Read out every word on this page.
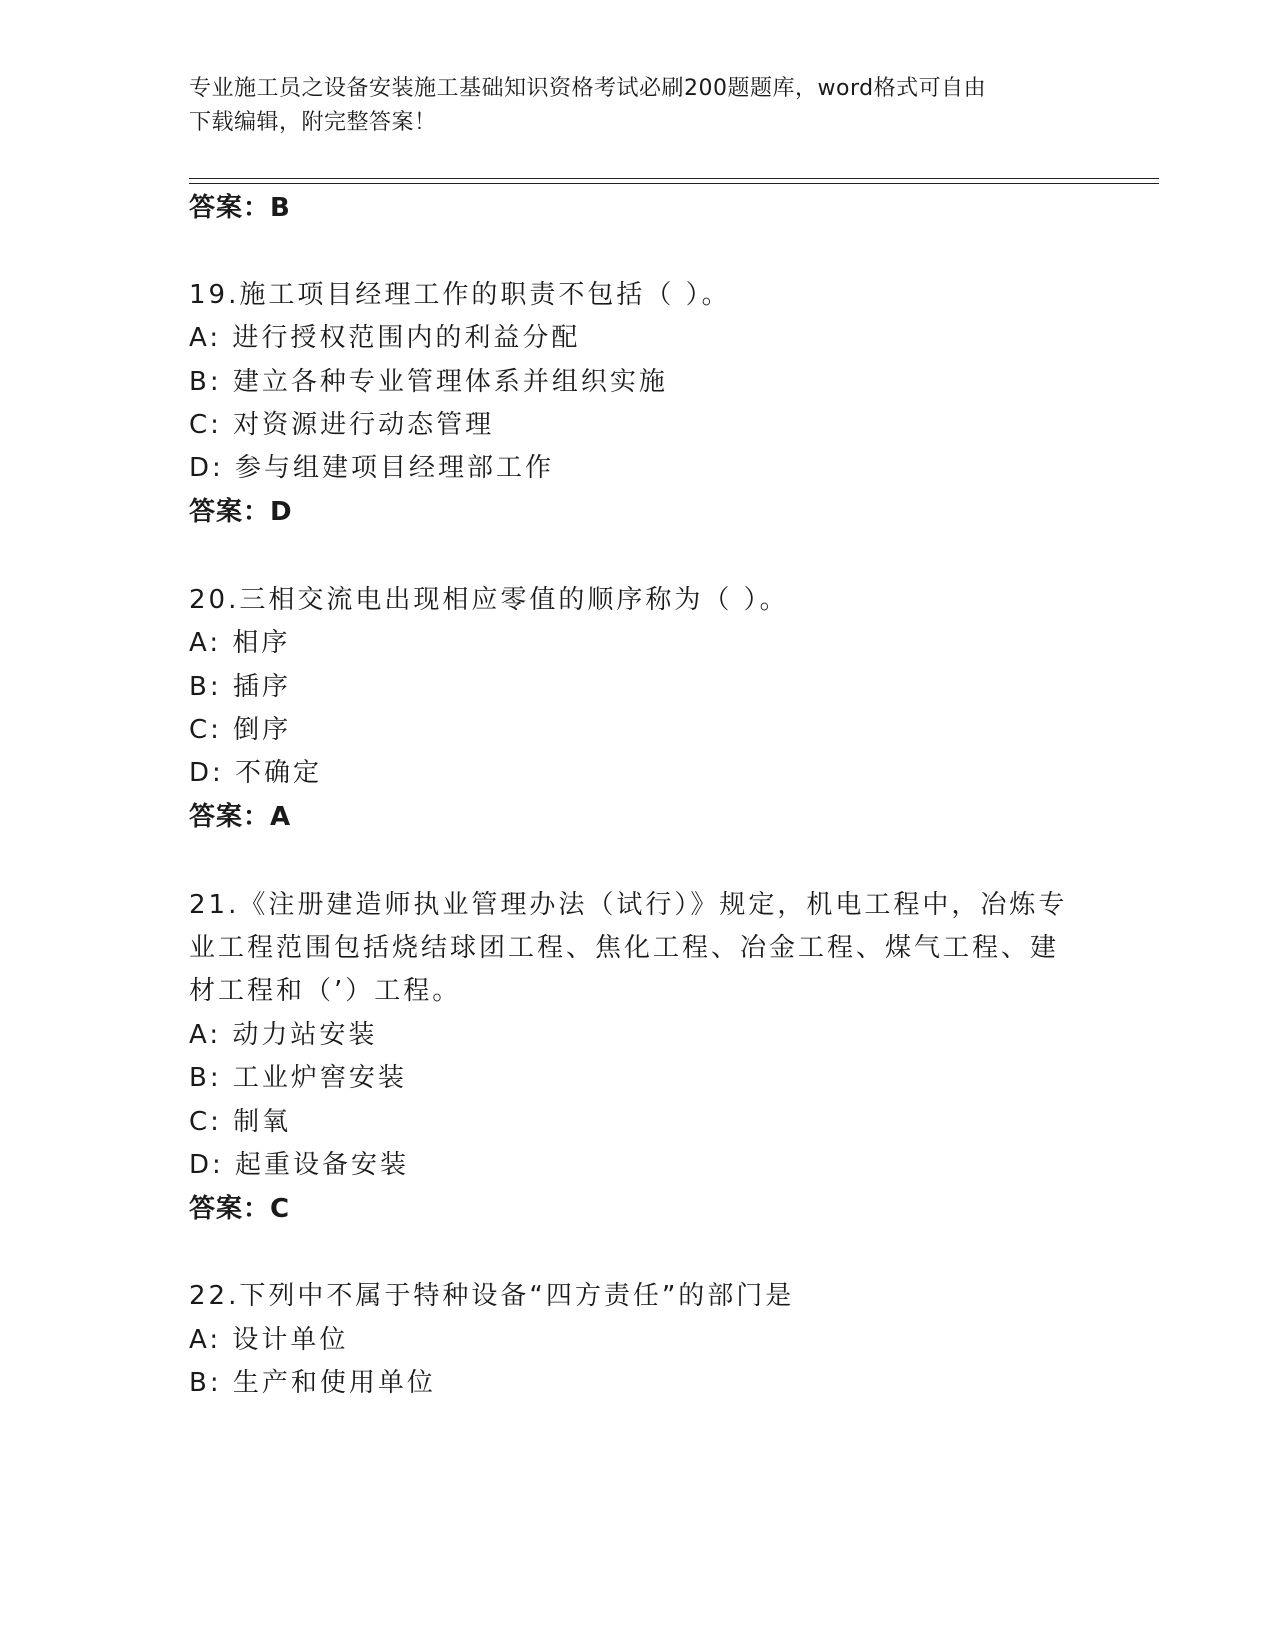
专业施工员之设备安装施工基础知识资格考试必刷200题题库，word格式可自由
下载编辑，附完整答案！
答案：B
19.施工项目经理工作的职责不包括（ ）。
A: 进行授权范围内的利益分配
B: 建立各种专业管理体系并组织实施
C: 对资源进行动态管理
D: 参与组建项目经理部工作
答案：D
20.三相交流电出现相应零值的顺序称为（ ）。
A: 相序
B: 插序
C: 倒序
D: 不确定
答案：A
21.《注册建造师执业管理办法（试行）》规定，机电工程中，冶炼专
业工程范围包括烧结球团工程、焦化工程、冶金工程、煤气工程、建
材工程和（’）工程。
A: 动力站安装
B: 工业炉窖安装
C: 制氧
D: 起重设备安装
答案：C
22.下列中不属于特种设备“四方责任”的部门是
A: 设计单位
B: 生产和使用单位
